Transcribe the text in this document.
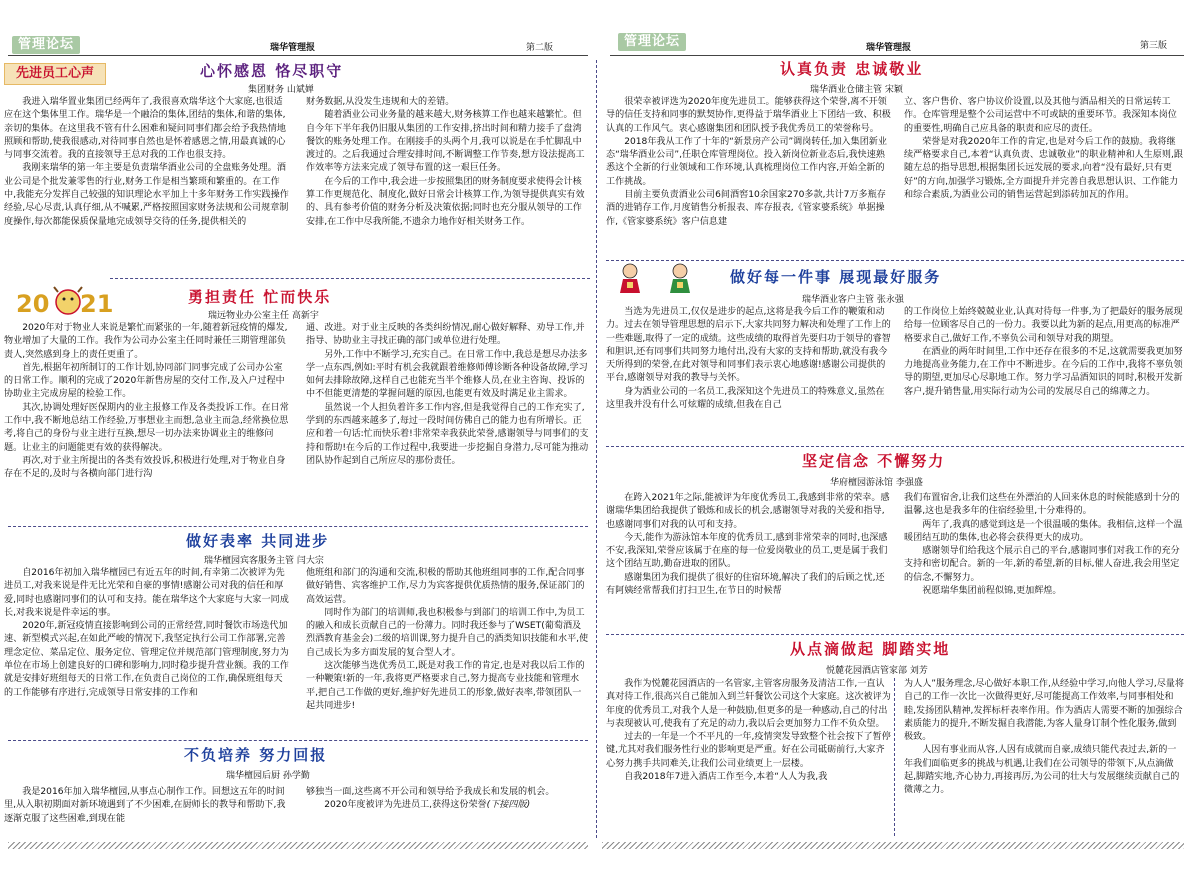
管理论坛	瑞华管理报	第二版
先进员工心声	心怀感恩 恪尽职守
集团财务 山斌婵

我进入瑞华置业集团已经两年了,我很喜欢瑞华这个大家庭,也很适应在这个集体里工作。瑞华是一个融洽的集体,团结的集体,和谐的集体,亲切的集体。在这里我不管有什么困难和疑问同事们都会给予我热情地照顾和帮助,使我很感动,对待同事自然也是怀着感恩之情,用最真诚的心与同事交流着。我的直接领导王总对我的工作也很支持。

我刚来瑞华的第一年主要是负责瑞华酒业公司的全盘账务处理。酒业公司是个批发兼零售的行业,财务工作是相当繁琐和繁重的。在工作中,我能充分发挥自己较强的知识理论水平加上十多年财务工作实践操作经验,尽心尽责,认真仔细,从不喊累,严格按照国家财务法规和公司规章制度操作,每次都能保质保量地完成领导交待的任务,提供相关的

财务数据,从没发生违规和大的差错。

随着酒业公司业务量的越来越大,财务核算工作也越来越繁忙。但自今年下半年我仍旧服从集团的工作安排,挤出时间和精力接手了盘湾餐饮的账务处理工作。在刚接手的头两个月,我可以说是在手忙脚乱中渡过的。之后我通过合理安排时间,不断调整工作节奏,想方设法提高工作效率等方法来完成了领导布置的这一艰巨任务。

在今后的工作中,我会进一步按照集团的财务制度要求使得会计核算工作更规范化、制度化,做好日常会计核算工作,为领导提供真实有效的、具有参考价值的财务分析及决策依据;同时也充分服从领导的工作安排,在工作中尽我所能,不遗余力地作好相关财务工作。

20 21	勇担责任 忙而快乐
瑞远物业办公室主任 高新宇

2020年对于物业人来说是繁忙而紧张的一年,随着新冠疫情的爆发,物业增加了大量的工作。我作为公司办公室主任同时兼任三期管理部负责人,突然感到身上的责任更重了。

首先,根据年初所制订的工作计划,协同部门同事完成了公司办公室的日常工作。顺利的完成了2020年新售房屋的交付工作,及入户过程中协助业主完成房屋的检验工作。

其次,协调处理好医保期内的业主报修工作及各类投诉工作。在日常工作中,我不断地总结工作经验,万事想业主而想,急业主而急,经常换位思考,将自己的身份与业主进行互换,想尽一切办法来协调业主的维修问题。让业主的问题能更有效的获得解决。

再次,对于业主所提出的各类有效投诉,积极进行处理,对于物业自身存在不足的,及时与各横向部门进行沟

通、改进。对于业主反映的各类纠纷情况,耐心做好解释、劝导工作,并指导、协助业主寻找正确的部门或单位进行处理。

另外,工作中不断学习,充实自己。在日常工作中,我总是想尽办法多学一点东西,例如:平时有机会我就跟着维修师傅诊断各种设备故障,学习如何去排除故障,这样自己也能充当半个维修人员,在业主咨询、投诉的中不但能更清楚的掌握问题的原因,也能更有效及时满足业主需求。

虽然说一个人担负着许多工作内容,但是我觉得自己的工作充实了,学到的东西越来越多了,每过一段时间仿佛自己的能力也有所增长。正应和着一句话:忙而快乐着!非常荣幸我获此荣誉,感谢领导与同事们的支持和帮助!在今后的工作过程中,我要进一步挖掘自身潜力,尽可能为推动团队协作起到自己所应尽的那份责任。

做好表率 共同进步
瑞华檀园宾客服务主管 闫大宗

自2016年初加入瑞华檀园已有近五年的时间,有幸第二次被评为先进员工,对我来说是件无比光荣和自豪的事情!感谢公司对我的信任和厚爱,同时也感谢同事们的认可和支持。能在瑞华这个大家庭与大家一同成长,对我来说是件幸运的事。

2020年,新冠疫情直接影响到公司的正常经营,同时餐饮市场迭代加速、新型模式兴起,在如此严峻的情况下,我坚定执行公司工作部署,完善理念定位、菜品定位、服务定位、管理定位并规范部门管理制度,努力为单位在市场上创建良好的口碑和影响力,同时稳步提升营业额。我的工作就是安排好班组每天的日常工作,在负责自己岗位的工作,确保班组每天的工作能够有序进行,完成领导日常安排的工作和

他班组和部门的沟通和交流,积极的帮助其他班组同事的工作,配合同事做好销售、宾客维护工作,尽力为宾客提供优质热情的服务,保证部门的高效运营。

同时作为部门的培训师,我也积极参与到部门的培训工作中,为员工的融入和成长贡献自己的一份薄力。同时我还参与了WSET(葡萄酒及烈酒教育基金会)二级的培训课,努力提升自己的酒类知识技能和水平,使自己成长为多方面发展的复合型人才。

这次能够当选优秀员工,既是对我工作的肯定,也是对我以后工作的一种鞭策!新的一年,我将更严格要求自己,努力提高专业技能和管理水平,把自己工作做的更好,维护好先进员工的形象,做好表率,带领团队一起共同进步!

不负培养 努力回报
瑞华檀园后厨 孙学勤

我是2016年加入瑞华檀园,从事点心制作工作。回想这五年的时间里,从入职初期面对新环境遇到了不少困难,在厨师长的教导和帮助下,我逐渐克服了这些困难,到现在能

够独当一面,这些离不开公司和领导给予我成长和发展的机会。

2020年度被评为先进员工,获得这份荣誉(下接四版)

管理论坛	瑞华管理报	第三版
认真负责 忠诚敬业
瑞华酒业仓储主管 宋颖

很荣幸被评选为2020年度先进员工。能够获得这个荣誉,离不开领导的信任支持和同事的默契协作,更得益于瑞华酒业上下团结一致、积极认真的工作风气。衷心感谢集团和团队授予我优秀员工的荣誉称号。

2018年我从工作了十年的“新景房产公司”调岗转任,加入集团新业态“瑞华酒业公司”,任职仓库管理岗位。投入新岗位新业态后,我快速熟悉这个全新的行业领域和工作环境,认真梳理岗位工作内容,开始全新的工作挑战。

目前主要负责酒业公司6间酒窖10余国家270多款,共计7万多瓶存酒的进销存工作,月度销售分析报表、库存报表,《管家婆系统》单据操作,《管家婆系统》客户信息建

立、客户售价、客户协议价设置,以及其他与酒品相关的日常运转工作。仓库管理是整个公司运营中不可或缺的重要环节。我深知本岗位的重要性,明确自己应具备的职责和应尽的责任。

荣誉是对我2020年工作的肯定,也是对今后工作的鼓励。我将继续严格要求自己,本着“认真负责、忠诚敬业”的职业精神和人生原则,跟随左总的指导思想,根据集团长远发展的要求,向着“没有最好,只有更好”的方向,加强学习锻炼,全方面提升并完善自我思想认识、工作能力和综合素质,为酒业公司的销售运营起到添砖加瓦的作用。

做好每一件事 展现最好服务
瑞华酒业客户主管 张永强

当选为先进员工,仅仅是进步的起点,这将是我今后工作的鞭策和动力。过去在领导管理思想的启示下,大家共同努力解决和处理了工作上的一些难题,取得了一定的成绩。这些成绩的取得首先要归功于领导的睿智和胆识,还有同事们共同努力地付出,没有大家的支持和帮助,就没有我今天所得到的荣誉,在此对领导和同事们表示衷心地感谢!感谢公司提供的平台,感谢领导对我的教导与关怀。

身为酒业公司的一名员工,我深知这个先进员工的特殊意义,虽然在这里我并没有什么可炫耀的成绩,但我在自己

的工作岗位上始终兢兢业业,认真对待每一件事,为了把最好的服务展现给每一位顾客尽自己的一份力。我要以此为新的起点,用更高的标准严格要求自己,做好工作,不辜负公司和领导对我的期望。

在酒业的两年时间里,工作中还存在很多的不足,这就需要我更加努力地提高业务能力,在工作中不断进步。在今后的工作中,我将不辜负领导的期望,更加尽心尽职地工作。努力学习品酒知识的同时,积极开发新客户,提升销售量,用实际行动为公司的发展尽自己的绵薄之力。

坚定信念 不懈努力
华府檀园游泳馆 李强盛

在跨入2021年之际,能被评为年度优秀员工,我感到非常的荣幸。感谢瑞华集团给我提供了锻炼和成长的机会,感谢领导对我的关爱和指导,也感谢同事们对我的认可和支持。

今天,能作为游泳馆本年度的优秀员工,感到非常荣幸的同时,也深感不安,我深知,荣誉应该属于在座的每一位爱岗敬业的员工,更是属于我们这个团结互助,勤奋进取的团队。

感谢集团为我们提供了很好的住宿环境,解决了我们的后顾之忧,还有阿姨经常帮我们打扫卫生,在节日的时候帮

我们布置宿舍,让我们这些在外漂泊的人回来休息的时候能感到十分的温馨,这也是我多年的住宿经验里,十分难得的。

两年了,我真的感觉到这是一个很温暖的集体。我相信,这样一个温暖团结互助的集体,也必将会获得更大的成功。

感谢领导们给我这个展示自己的平台,感谢同事们对我工作的充分支持和密切配合。新的一年,新的希望,新的目标,催人奋进,我会用坚定的信念,不懈努力。

祝愿瑞华集团前程似锦,更加辉煌。

从点滴做起 脚踏实地
悦麓花园酒店管家部 刘芳

我作为悦麓花园酒店的一名管家,主管客房服务及清洁工作,一直认真对待工作,很高兴自己能加入到兰轩餐饮公司这个大家庭。这次被评为年度的优秀员工,对我个人是一种鼓励,但更多的是一种感动,自己的付出与表现被认可,使我有了充足的动力,我以后会更加努力工作不负众望。

过去的一年是一个不平凡的一年,疫情突发导致整个社会按下了暂停键,尤其对我们服务性行业的影响更是严重。好在公司砥砺前行,大家齐心努力携手共同难关,让我们公司业绩更上一层楼。

自我2018年7进入酒店工作至今,本着“人人为我,我

为人人”服务理念,尽心做好本职工作,从经验中学习,向他人学习,尽量将自己的工作一次比一次做得更好,尽可能提高工作效率,与同事相处和睦,发扬团队精神,发挥标杆表率作用。作为酒店人需要不断的加强综合素质能力的提升,不断发掘自我潜能,为客人量身订制个性化服务,做到极致。

人因有事业而从容,人因有成就而自豪,成绩只能代表过去,新的一年我们面临更多的挑战与机遇,让我们在公司领导的带领下,从点滴做起,脚踏实地,齐心协力,再接再厉,为公司的壮大与发展继续贡献自己的微薄之力。
